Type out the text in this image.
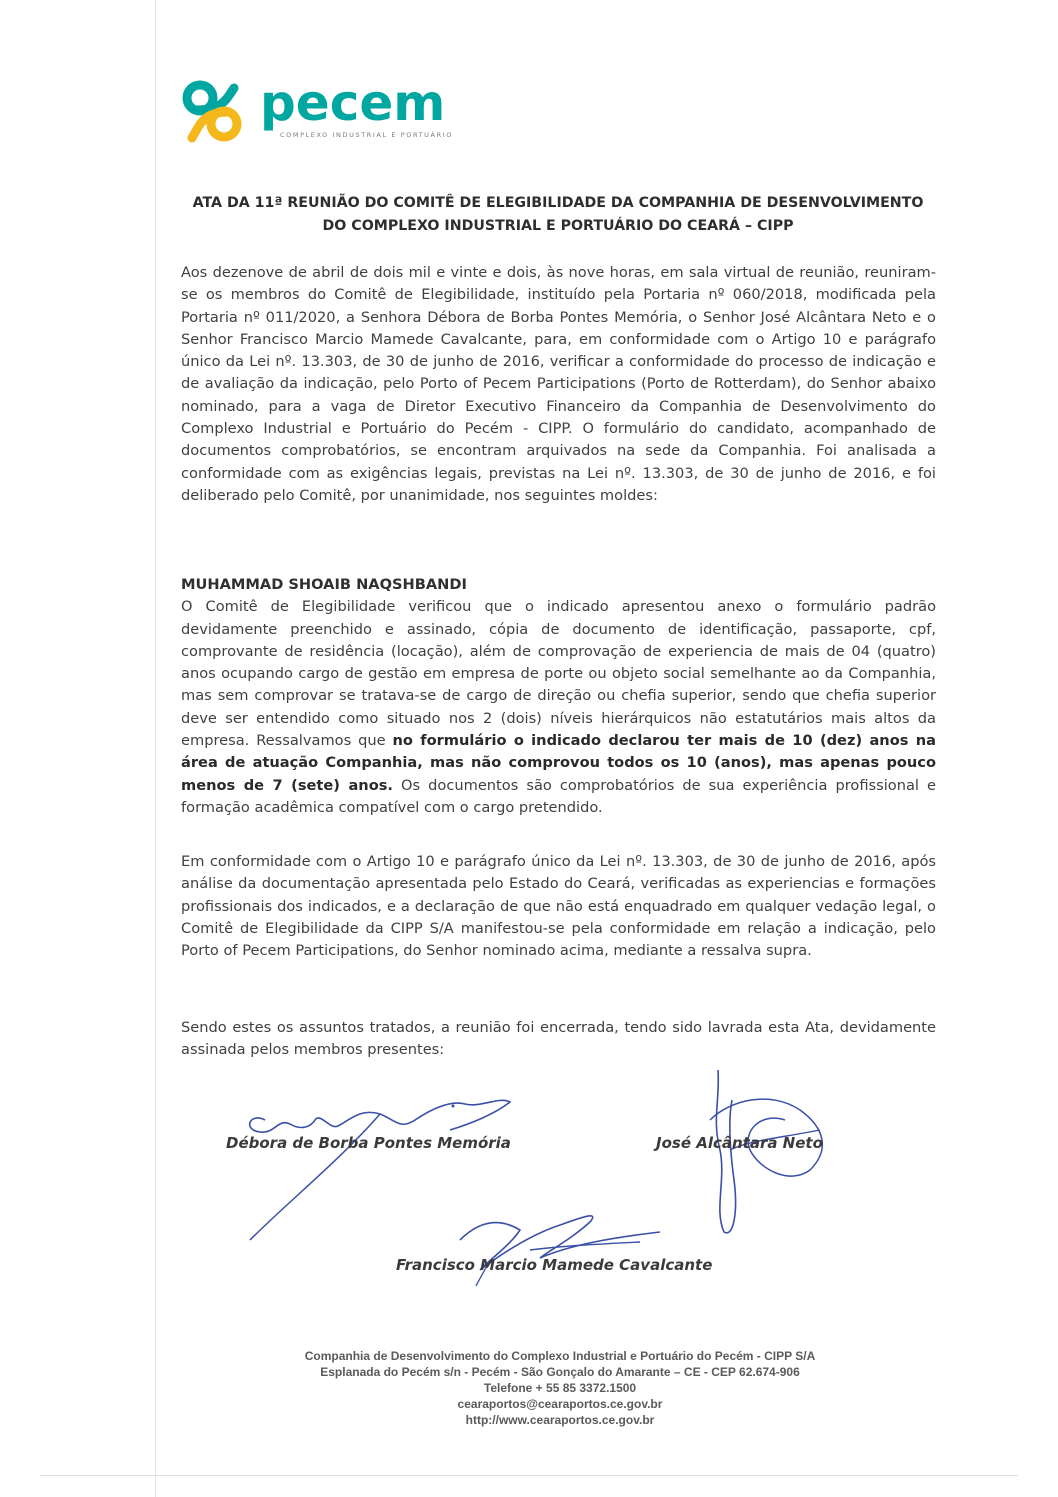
pecem
COMPLEXO INDUSTRIAL E PORTUÁRIO
ATA DA 11ª REUNIÃO DO COMITÊ DE ELEGIBILIDADE DA COMPANHIA DE DESENVOLVIMENTO DO COMPLEXO INDUSTRIAL E PORTUÁRIO DO CEARÁ – CIPP
Aos dezenove de abril de dois mil e vinte e dois, às nove horas, em sala virtual de reunião, reuniram-se os membros do Comitê de Elegibilidade, instituído pela Portaria nº 060/2018, modificada pela Portaria nº 011/2020, a Senhora Débora de Borba Pontes Memória, o Senhor José Alcântara Neto e o Senhor Francisco Marcio Mamede Cavalcante, para, em conformidade com o Artigo 10 e parágrafo único da Lei nº. 13.303, de 30 de junho de 2016, verificar a conformidade do processo de indicação e de avaliação da indicação, pelo Porto of Pecem Participations (Porto de Rotterdam), do Senhor abaixo nominado, para a vaga de Diretor Executivo Financeiro da Companhia de Desenvolvimento do Complexo Industrial e Portuário do Pecém - CIPP. O formulário do candidato, acompanhado de documentos comprobatórios, se encontram arquivados na sede da Companhia. Foi analisada a conformidade com as exigências legais, previstas na Lei nº. 13.303, de 30 de junho de 2016, e foi deliberado pelo Comitê, por unanimidade, nos seguintes moldes:
MUHAMMAD SHOAIB NAQSHBANDI
O Comitê de Elegibilidade verificou que o indicado apresentou anexo o formulário padrão devidamente preenchido e assinado, cópia de documento de identificação, passaporte, cpf, comprovante de residência (locação), além de comprovação de experiencia de mais de 04 (quatro) anos ocupando cargo de gestão em empresa de porte ou objeto social semelhante ao da Companhia, mas sem comprovar se tratava-se de cargo de direção ou chefia superior, sendo que chefia superior deve ser entendido como situado nos 2 (dois) níveis hierárquicos não estatutários mais altos da empresa. Ressalvamos que no formulário o indicado declarou ter mais de 10 (dez) anos na área de atuação Companhia, mas não comprovou todos os 10 (anos), mas apenas pouco menos de 7 (sete) anos. Os documentos são comprobatórios de sua experiência profissional e formação acadêmica compatível com o cargo pretendido.
Em conformidade com o Artigo 10 e parágrafo único da Lei nº. 13.303, de 30 de junho de 2016, após análise da documentação apresentada pelo Estado do Ceará, verificadas as experiencias e formações profissionais dos indicados, e a declaração de que não está enquadrado em qualquer vedação legal, o Comitê de Elegibilidade da CIPP S/A manifestou-se pela conformidade em relação a indicação, pelo Porto of Pecem Participations, do Senhor nominado acima, mediante a ressalva supra.
Sendo estes os assuntos tratados, a reunião foi encerrada, tendo sido lavrada esta Ata, devidamente assinada pelos membros presentes:
Débora de Borba Pontes Memória	José Alcântara Neto
Francisco Marcio Mamede Cavalcante
Companhia de Desenvolvimento do Complexo Industrial e Portuário do Pecém - CIPP S/A
Esplanada do Pecém s/n - Pecém - São Gonçalo do Amarante – CE - CEP 62.674-906
Telefone + 55 85 3372.1500
cearaportos@cearaportos.ce.gov.br
http://www.cearaportos.ce.gov.br
